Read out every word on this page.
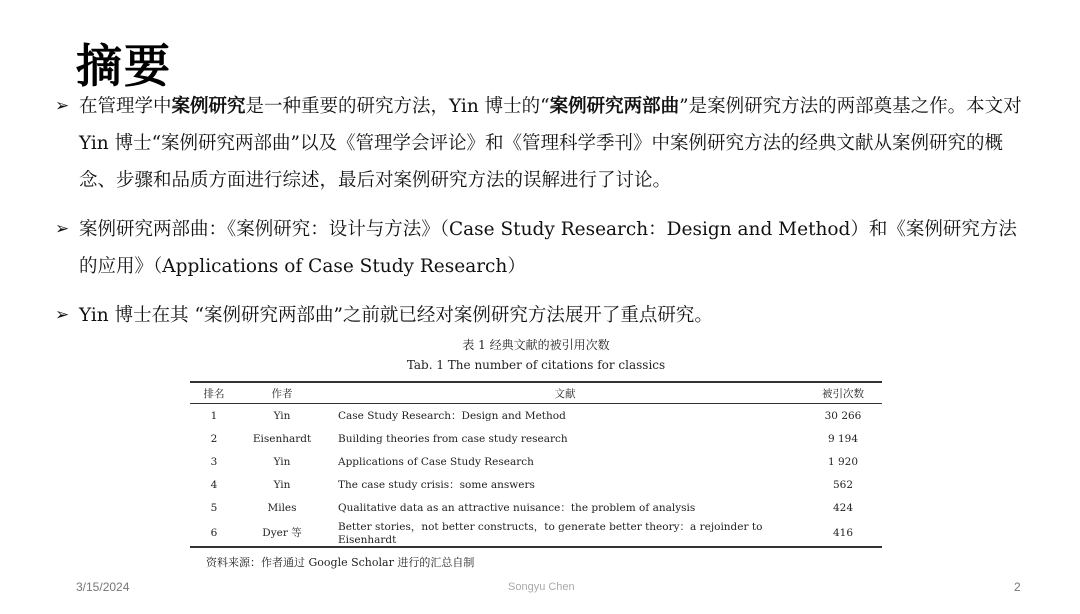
摘要
➢ 在管理学中案例研究是一种重要的研究方法，Yin 博士的“案例研究两部曲”是案例研究方法的两部奠基之作。本文对 Yin 博士“案例研究两部曲”以及《管理学会评论》和《管理科学季刊》中案例研究方法的经典文献从案例研究的概念、步骤和品质方面进行综述，最后对案例研究方法的误解进行了讨论。
➢ 案例研究两部曲：《案例研究：设计与方法》（Case Study Research：Design and Method）和《案例研究方法的应用》（Applications of Case Study Research）
➢ Yin 博士在其 “案例研究两部曲”之前就已经对案例研究方法展开了重点研究。
表 1 经典文献的被引用次数
Tab. 1 The number of citations for classics
排名	作者	文献	被引次数
1	Yin	Case Study Research：Design and Method	30 266
2	Eisenhardt	Building theories from case study research	9 194
3	Yin	Applications of Case Study Research	1 920
4	Yin	The case study crisis：some answers	562
5	Miles	Qualitative data as an attractive nuisance：the problem of analysis	424
6	Dyer 等	Better stories，not better constructs，to generate better theory：a rejoinder to Eisenhardt	416
资料来源：作者通过 Google Scholar 进行的汇总自制
3/15/2024	Songyu Chen	2
